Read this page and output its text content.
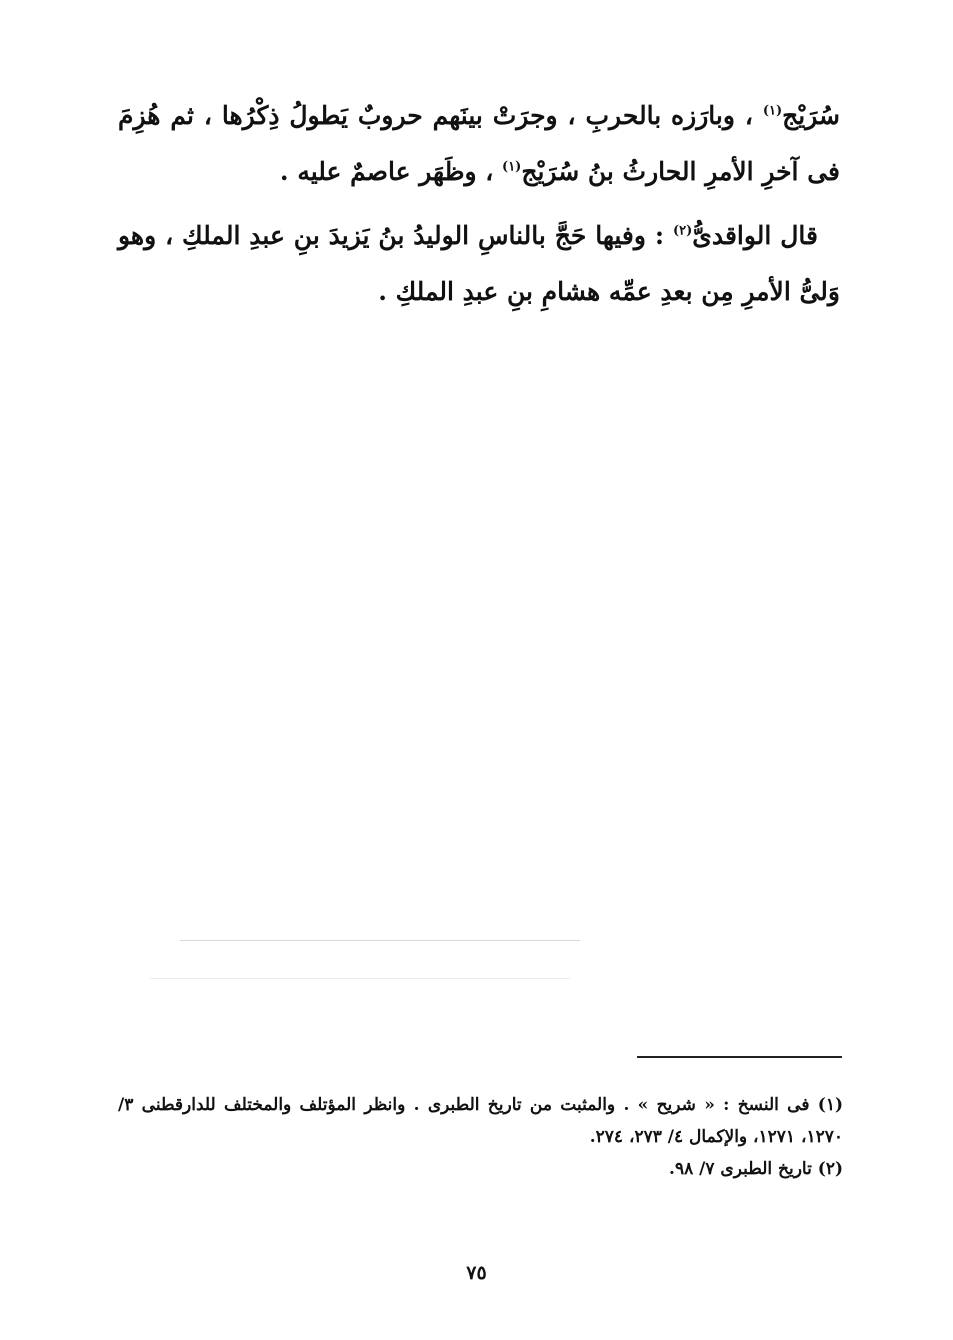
سُرَيْج$^{(١)}$ ، وبارَزه بالحربِ ، وجرَتْ بينَهم حروبٌ يَطولُ ذِكْرُها ، ثم هُزِمَ فى آخرِ الأمرِ الحارثُ بنُ سُرَيْج$^{(١)}$ ، وظَهَر عاصمٌ عليه .

قال الواقدىُّ$^{(٢)}$ : وفيها حَجَّ بالناسِ الوليدُ بنُ يَزيدَ بنِ عبدِ الملكِ ، وهو وَلىُّ الأمرِ مِن بعدِ عمِّه هشامِ بنِ عبدِ الملكِ .

(١) فى النسخ : « شريح » . والمثبت من تاريخ الطبرى . وانظر المؤتلف والمختلف للدارقطنى ٣/ ١٢٧٠، ١٢٧١، والإكمال ٤/ ٢٧٣، ٢٧٤.

(٢) تاريخ الطبرى ٧/ ٩٨.

٧٥
